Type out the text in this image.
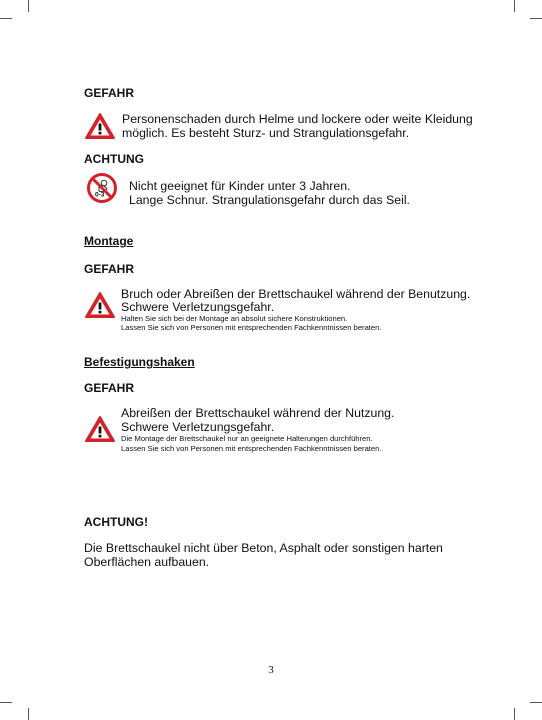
GEFAHR
Personenschaden durch Helme und lockere oder weite Kleidung
möglich. Es besteht Sturz- und Strangulationsgefahr.
ACHTUNG
0-3
Nicht geeignet für Kinder unter 3 Jahren.
Lange Schnur. Strangulationsgefahr durch das Seil.
Montage
GEFAHR
Bruch oder Abreißen der Brettschaukel während der Benutzung.
Schwere Verletzungsgefahr.
Halten Sie sich bei der Montage an absolut sichere Konstruktionen.
Lassen Sie sich von Personen mit entsprechenden Fachkenntnissen beraten.
Befestigungshaken
GEFAHR
Abreißen der Brettschaukel während der Nutzung.
Schwere Verletzungsgefahr.
Die Montage der Brettschaukel nur an geeignete Halterungen durchführen.
Lassen Sie sich von Personen mit entsprechenden Fachkenntnissen beraten.
ACHTUNG!
Die Brettschaukel nicht über Beton, Asphalt oder sonstigen harten
Oberflächen aufbauen.
3
